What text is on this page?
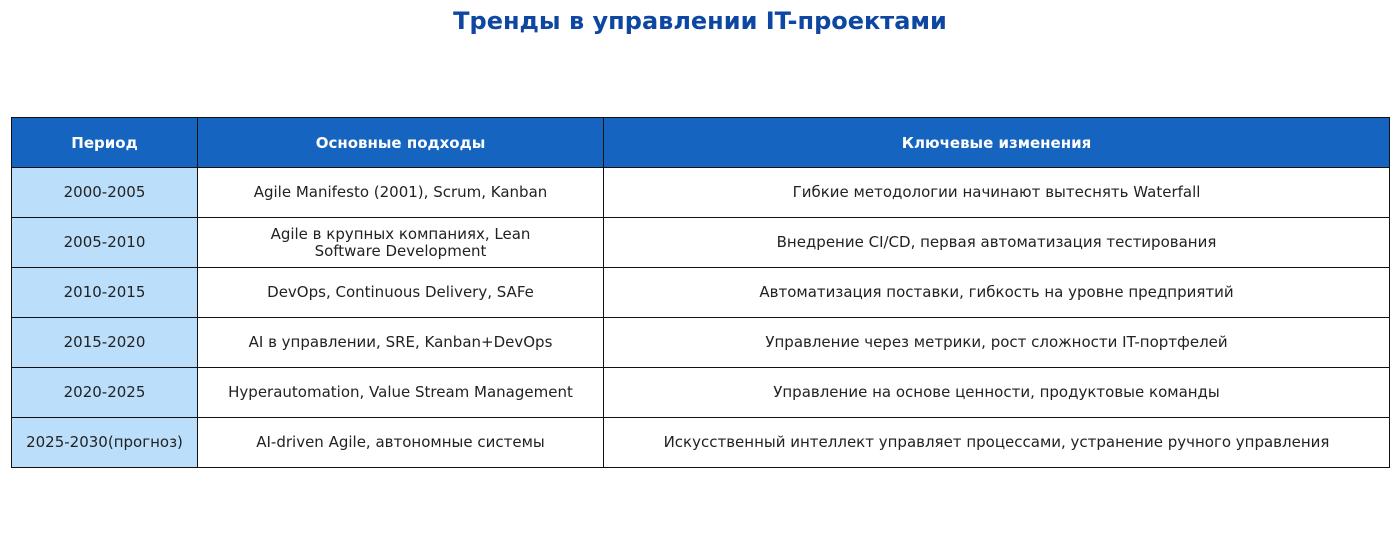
Тренды в управлении IT-проектами
Период	Основные подходы	Ключевые изменения
2000-2005	Agile Manifesto (2001), Scrum, Kanban	Гибкие методологии начинают вытеснять Waterfall
2005-2010	Agile в крупных компаниях, Lean Software Development	Внедрение CI/CD, первая автоматизация тестирования
2010-2015	DevOps, Continuous Delivery, SAFe	Автоматизация поставки, гибкость на уровне предприятий
2015-2020	AI в управлении, SRE, Kanban+DevOps	Управление через метрики, рост сложности IT-портфелей
2020-2025	Hyperautomation, Value Stream Management	Управление на основе ценности, продуктовые команды
2025-2030(прогноз)	AI-driven Agile, автономные системы	Искусственный интеллект управляет процессами, устранение ручного управления
